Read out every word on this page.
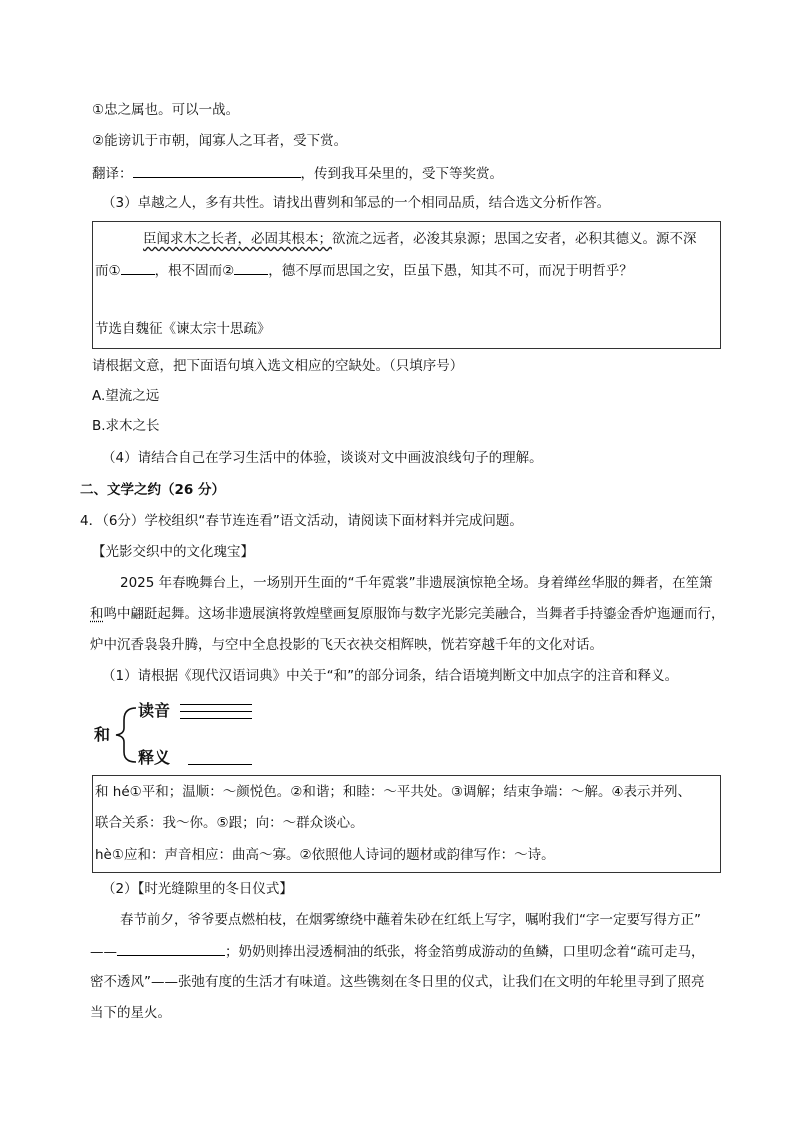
①忠之属也。可以一战。
②能谤讥于市朝，闻寡人之耳者，受下赏。
翻译：	，传到我耳朵里的，受下等奖赏。
（3）卓越之人，多有共性。请找出曹刿和邹忌的一个相同品质，结合选文分析作答。
臣闻求木之长者，必固其根本；欲流之远者，必浚其泉源；思国之安者，必积其德义。源不深
而①	，根不固而②	，德不厚而思国之安，臣虽下愚，知其不可，而况于明哲乎？
节选自魏征《谏太宗十思疏》
请根据文意，把下面语句填入选文相应的空缺处。（只填序号）
A.望流之远
B.求木之长
（4）请结合自己在学习生活中的体验，谈谈对文中画波浪线句子的理解。
二、文学之约（26 分）
4．（6分）学校组织“春节连连看”语文活动，请阅读下面材料并完成问题。
【光影交织中的文化瑰宝】
2025 年春晚舞台上，一场别开生面的“千年霓裳”非遗展演惊艳全场。身着缂丝华服的舞者，在笙箫
和鸣中翩跹起舞。这场非遗展演将敦煌壁画复原服饰与数字光影完美融合，当舞者手持鎏金香炉迤逦而行，
炉中沉香袅袅升腾，与空中全息投影的飞天衣袂交相辉映，恍若穿越千年的文化对话。
（1）请根据《现代汉语词典》中关于“和”的部分词条，结合语境判断文中加点字的注音和释义。
和
读音
释义
和 hé①平和；温顺：～颜悦色。②和谐；和睦：～平共处。③调解；结束争端：～解。④表示并列、
联合关系：我～你。⑤跟；向：～群众谈心。
hè①应和：声音相应：曲高～寡。②依照他人诗词的题材或韵律写作：～诗。
（2）【时光缝隙里的冬日仪式】
春节前夕，爷爷要点燃柏枝，在烟雾缭绕中蘸着朱砂在红纸上写字，嘱咐我们“字一定要写得方正”
——	；奶奶则捧出浸透桐油的纸张，将金箔剪成游动的鱼鳞，口里叨念着“疏可走马，
密不透风”——张弛有度的生活才有味道。这些镌刻在冬日里的仪式，让我们在文明的年轮里寻到了照亮
当下的星火。
